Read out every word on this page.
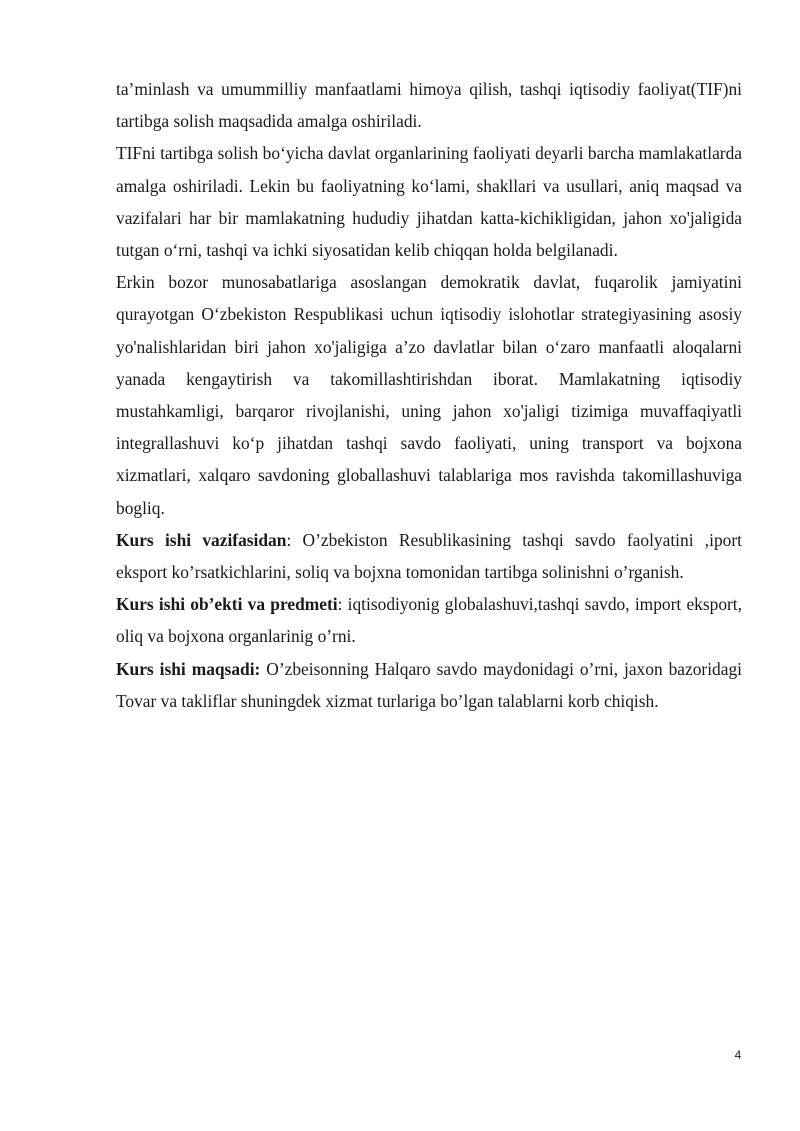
ta’minlash va umummilliy manfaatlami himoya qilish, tashqi iqtisodiy faoliyat(TIF)ni tartibga solish maqsadida amalga oshiriladi.

TIFni tartibga solish bo‘yicha davlat organlarining faoliyati deyarli barcha mamlakatlarda amalga oshiriladi. Lekin bu faoliyatning ko‘lami, shakllari va usullari, aniq maqsad va vazifalari har bir mamlakatning hududiy jihatdan katta-kichikligidan, jahon xo'jaligida tutgan o‘rni, tashqi va ichki siyosatidan kelib chiqqan holda belgilanadi.

Erkin bozor munosabatlariga asoslangan demokratik davlat, fuqarolik jamiyatini qurayotgan O‘zbekiston Respublikasi uchun iqtisodiy islohotlar strategiyasining asosiy yo'nalishlaridan biri jahon xo'jaligiga a’zo davlatlar bilan o‘zaro manfaatli aloqalarni yanada kengaytirish va takomillashtirishdan iborat. Mamlakatning iqtisodiy mustahkamligi, barqaror rivojlanishi, uning jahon xo'jaligi tizimiga muvaffaqiyatli integrallashuvi ko‘p jihatdan tashqi savdo faoliyati, uning transport va bojxona xizmatlari, xalqaro savdoning globallashuvi talablariga mos ravishda takomillashuviga bogliq.

Kurs ishi vazifasidan: O’zbekiston Resublikasining tashqi savdo faolyatini ,iport eksport ko’rsatkichlarini, soliq va bojxna tomonidan tartibga solinishni o’rganish.

Kurs ishi ob’ekti va predmeti: iqtisodiyonig globalashuvi,tashqi savdo, import eksport, oliq va bojxona organlarinig o’rni.

Kurs ishi maqsadi: O’zbeisonning Halqaro savdo maydonidagi o’rni, jaxon bazoridagi Tovar va takliflar shuningdek xizmat turlariga bo’lgan talablarni korb chiqish.

4
